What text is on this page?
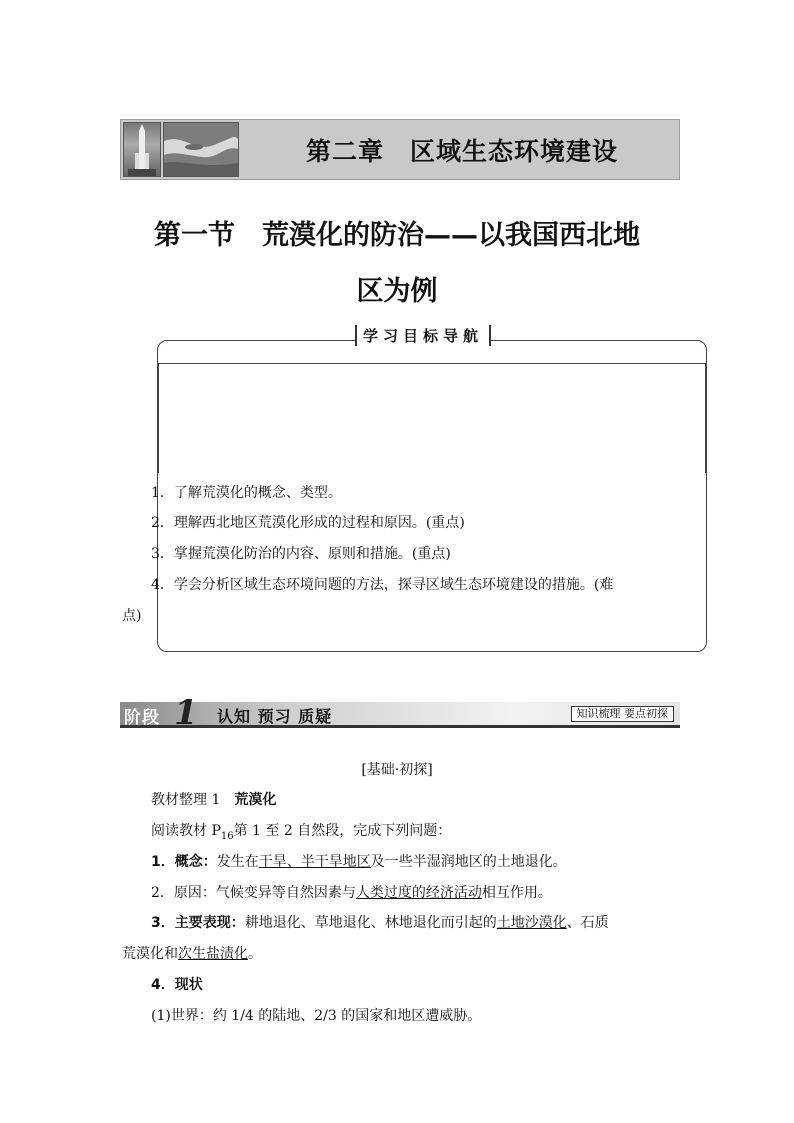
第二章　区域生态环境建设
第一节　荒漠化的防治——以我国西北地
区为例
学习目标导航
1．了解荒漠化的概念、类型。
2．理解西北地区荒漠化形成的过程和原因。(重点)
3．掌握荒漠化防治的内容、原则和措施。(重点)
4．学会分析区域生态环境问题的方法，探寻区域生态环境建设的措施。(难
点)
阶段 1 认知 预习 质疑	知识梳理 要点初探
[基础·初探]
教材整理 1　荒漠化
阅读教材 $P_{16}$第 1 至 2 自然段，完成下列问题：
1．概念：发生在干旱、半干旱地区及一些半湿润地区的土地退化。
2．原因：气候变异等自然因素与人类过度的经济活动相互作用。
3．主要表现：耕地退化、草地退化、林地退化而引起的土地沙漠化、石质
荒漠化和次生盐渍化。
4．现状
(1)世界：约 1/4 的陆地、2/3 的国家和地区遭威胁。
